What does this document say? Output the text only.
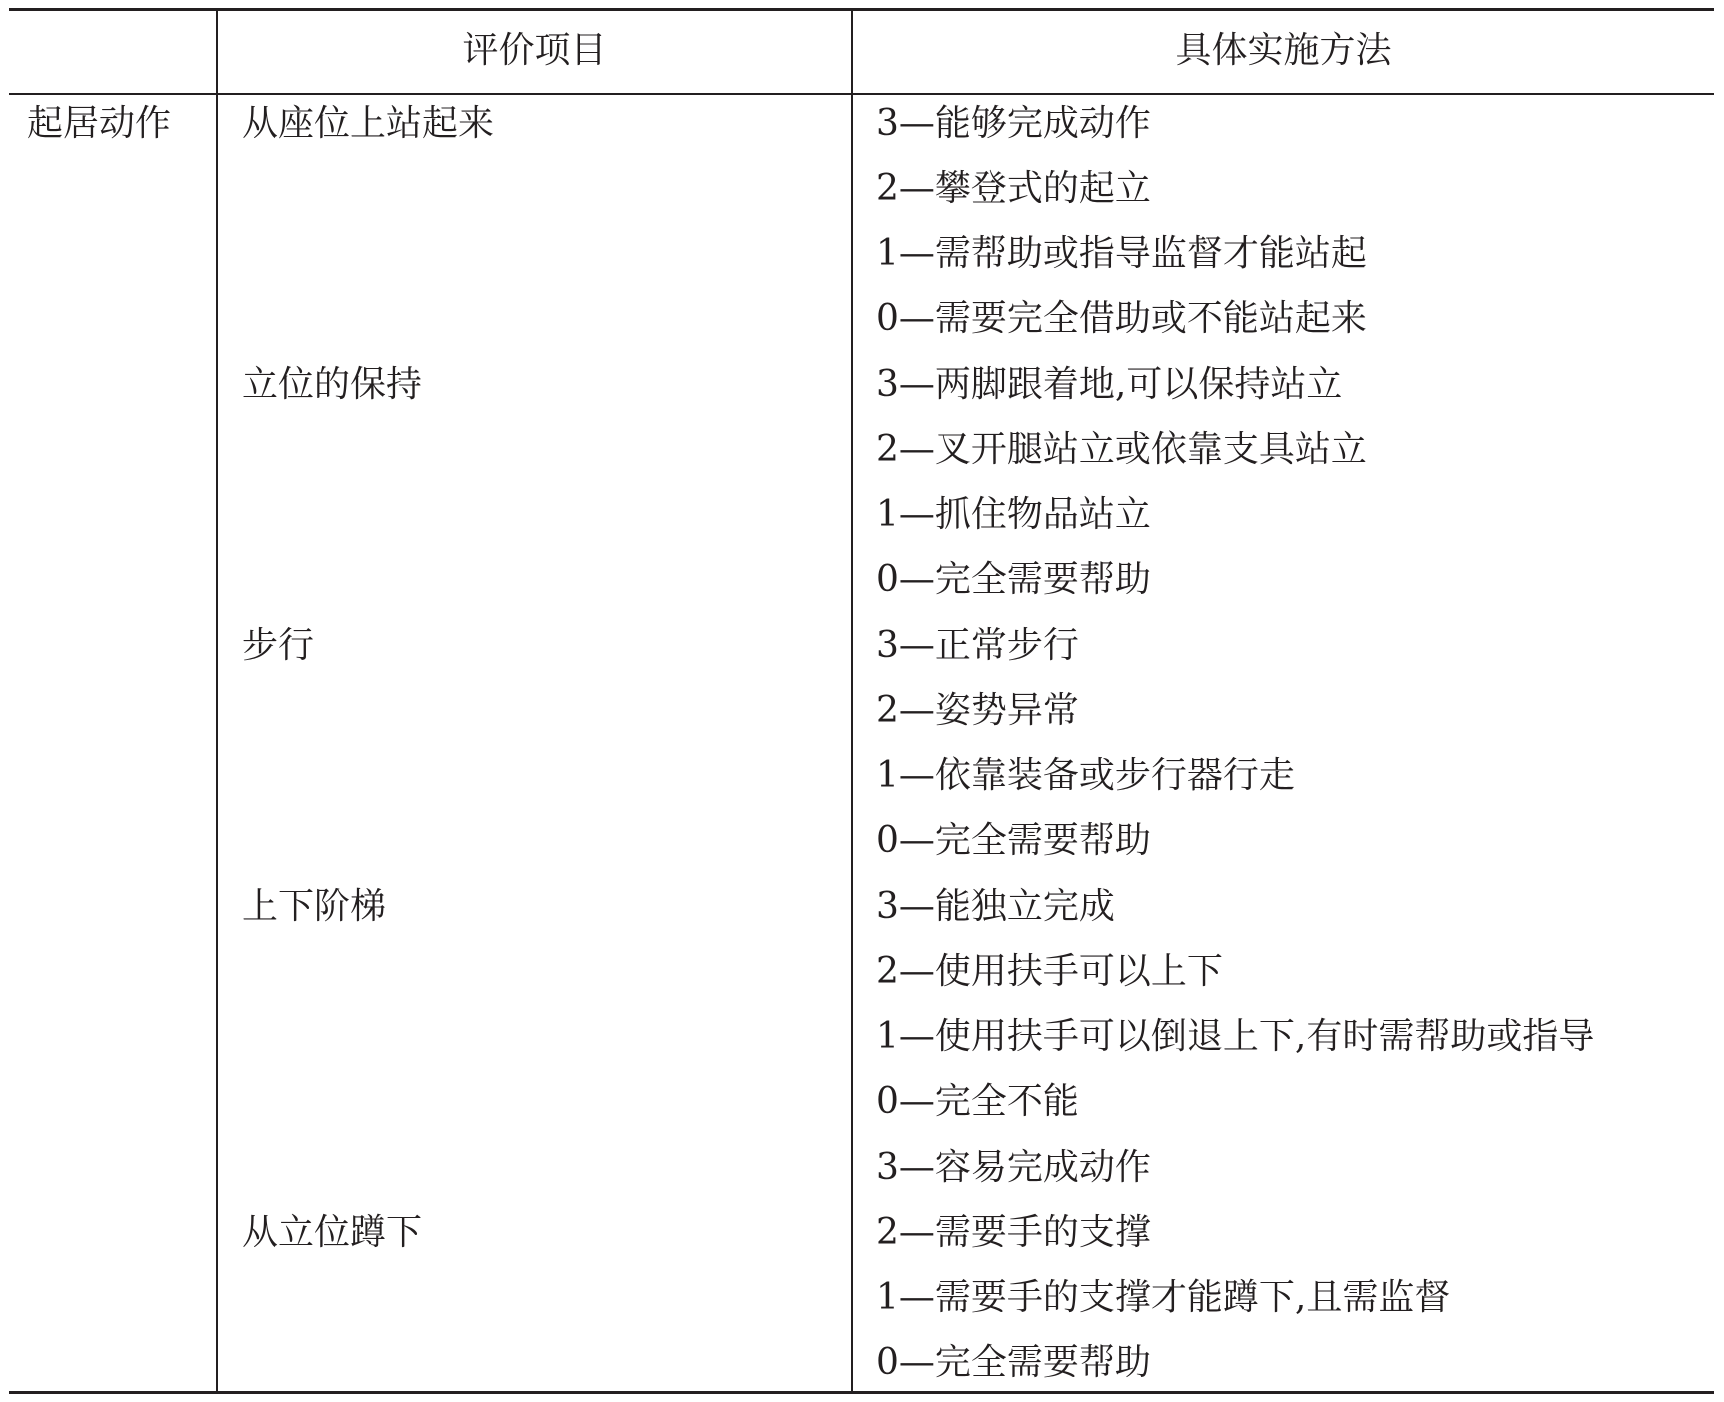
评价项目	具体实施方法
起居动作 从座位上站起来
立位的保持
步行
上下阶梯
从立位蹲下
3—能够完成动作
2—攀登式的起立
1—需帮助或指导监督才能站起
0—需要完全借助或不能站起来
3—两脚跟着地,可以保持站立
2—叉开腿站立或依靠支具站立
1—抓住物品站立
0—完全需要帮助
3—正常步行
2—姿势异常
1—依靠装备或步行器行走
0—完全需要帮助
3—能独立完成
2—使用扶手可以上下
1—使用扶手可以倒退上下,有时需帮助或指导
0—完全不能
3—容易完成动作
2—需要手的支撑
1—需要手的支撑才能蹲下,且需监督
0—完全需要帮助
